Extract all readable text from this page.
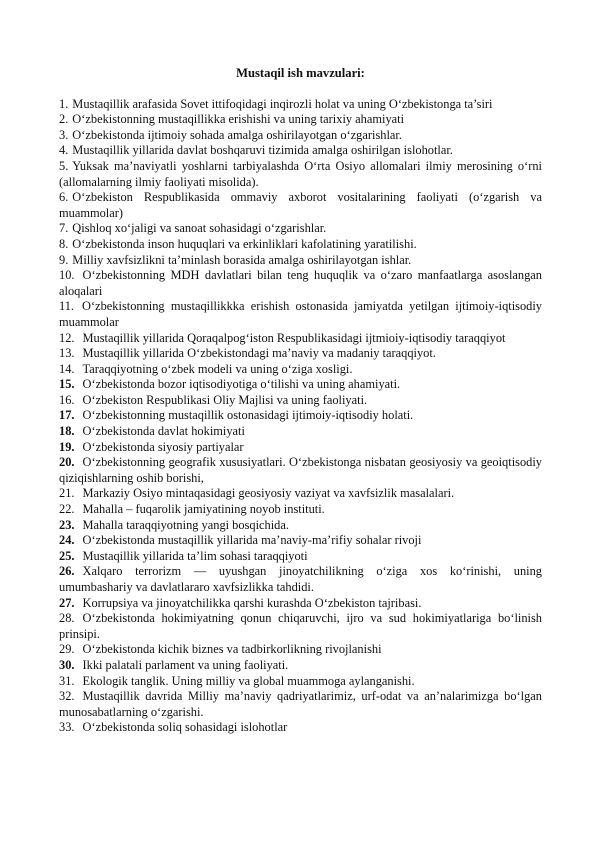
Mustaqil ish mavzulari:
1. Mustaqillik arafasida Sovet ittifoqidagi inqirozli holat va uning O‘zbekistonga ta’siri
2. O‘zbekistonning mustaqillikka erishishi va uning tarixiy ahamiyati
3. O‘zbekistonda ijtimoiy sohada amalga oshirilayotgan o‘zgarishlar.
4. Mustaqillik yillarida davlat boshqaruvi tizimida amalga oshirilgan islohotlar.
5. Yuksak ma’naviyatli yoshlarni tarbiyalashda O‘rta Osiyo allomalari ilmiy merosining o‘rni (allomalarning ilmiy faoliyati misolida).
6. O‘zbekiston Respublikasida ommaviy axborot vositalarining faoliyati (o‘zgarish va muammolar)
7. Qishloq xo‘jaligi va sanoat sohasidagi o‘zgarishlar.
8. O‘zbekistonda inson huquqlari va erkinliklari kafolatining yaratilishi.
9. Milliy xavfsizlikni ta’minlash borasida amalga oshirilayotgan ishlar.
10. O‘zbekistonning MDH davlatlari bilan teng huquqlik va o‘zaro manfaatlarga asoslangan aloqalari
11. O‘zbekistonning mustaqillikkka erishish ostonasida jamiyatda yetilgan ijtimoiy-iqtisodiy muammolar
12. Mustaqillik yillarida Qoraqalpog‘iston Respublikasidagi ijtmioiy-iqtisodiy taraqqiyot
13. Mustaqillik yillarida O‘zbekistondagi ma’naviy va madaniy taraqqiyot.
14. Taraqqiyotning o‘zbek modeli va uning o‘ziga xosligi.
15. O‘zbekistonda bozor iqtisodiyotiga o‘tilishi va uning ahamiyati.
16. O‘zbekiston Respublikasi Oliy Majlisi va uning faoliyati.
17. O‘zbekistonning mustaqillik ostonasidagi ijtimoiy-iqtisodiy holati.
18. O‘zbekistonda davlat hokimiyati
19. O‘zbekistonda siyosiy partiyalar
20. O‘zbekistonning geografik xususiyatlari. O‘zbekistonga nisbatan geosiyosiy va geoiqtisodiy qiziqishlarning oshib borishi,
21. Markaziy Osiyo mintaqasidagi geosiyosiy vaziyat va xavfsizlik masalalari.
22. Mahalla – fuqarolik jamiyatining noyob instituti.
23. Mahalla taraqqiyotning yangi bosqichida.
24. O‘zbekistonda mustaqillik yillarida ma’naviy-ma’rifiy sohalar rivoji
25. Mustaqillik yillarida ta’lim sohasi taraqqiyoti
26. Xalqaro terrorizm — uyushgan jinoyatchilikning o‘ziga xos ko‘rinishi, uning umumbashariy va davlatlararo xavfsizlikka tahdidi.
27. Korrupsiya va jinoyatchilikka qarshi kurashda O‘zbekiston tajribasi.
28. O‘zbekistonda hokimiyatning qonun chiqaruvchi, ijro va sud hokimiyatlariga bo‘linish prinsipi.
29. O‘zbekistonda kichik biznes va tadbirkorlikning rivojlanishi
30. Ikki palatali parlament va uning faoliyati.
31. Ekologik tanglik. Uning milliy va global muammoga aylanganishi.
32. Mustaqillik davrida Milliy ma’naviy qadriyatlarimiz, urf-odat va an’nalarimizga bo‘lgan munosabatlarning o‘zgarishi.
33. O‘zbekistonda soliq sohasidagi islohotlar
